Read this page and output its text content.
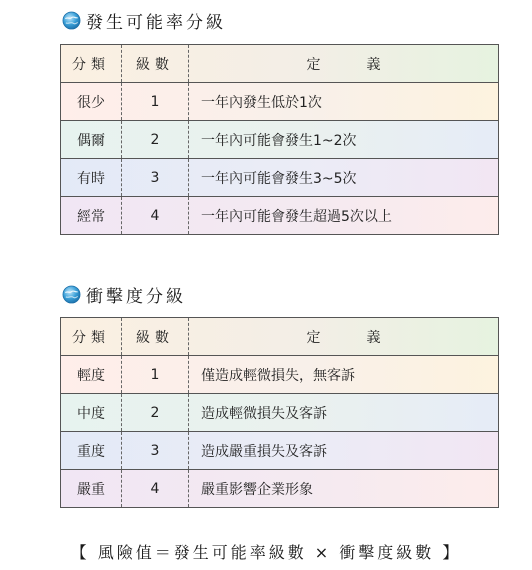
發生可能率分級
分類	級數	定 義
很少	1	一年內發生低於1次
偶爾	2	一年內可能會發生1~2次
有時	3	一年內可能會發生3~5次
經常	4	一年內可能會發生超過5次以上
衝擊度分級
分類	級數	定 義
輕度	1	僅造成輕微損失，無客訴
中度	2	造成輕微損失及客訴
重度	3	造成嚴重損失及客訴
嚴重	4	嚴重影響企業形象
【 風險值＝發生可能率級數 × 衝擊度級數 】
